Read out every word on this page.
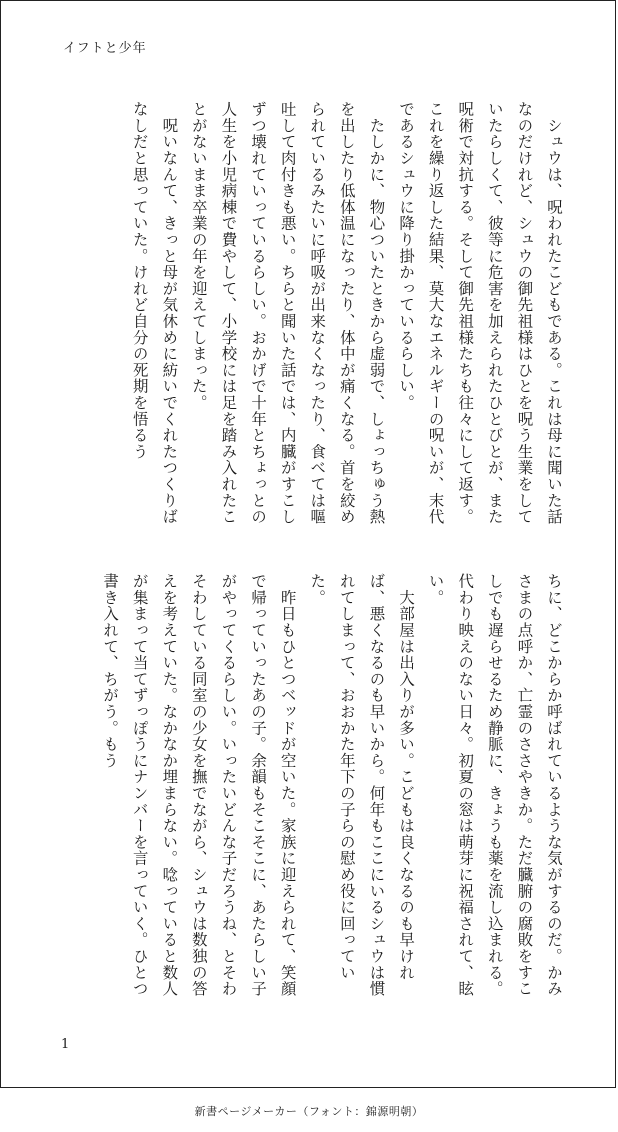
イフトと少年
　シュウは、呪われたこどもである。これは母に聞いた話なのだけれど、シュウの御先祖様はひとを呪う生業をしていたらしくて、彼等に危害を加えられたひとびとが、また呪術で対抗する。そして御先祖様たちも往々にして返す。これを繰り返した結果、莫大なエネルギーの呪いが、末代であるシュウに降り掛かっているらしい。
　たしかに、物心ついたときから虚弱で、しょっちゅう熱を出したり低体温になったり、体中が痛くなる。首を絞められているみたいに呼吸が出来なくなったり、食べては嘔吐して肉付きも悪い。ちらと聞いた話では、内臓がすこしずつ壊れていっているらしい。おかげで十年とちょっとの人生を小児病棟で費やして、小学校には足を踏み入れたことがないまま卒業の年を迎えてしまった。
　呪いなんて、きっと母が気休めに紡いでくれたつくりばなしだと思っていた。けれど自分の死期を悟るう
ちに、どこからか呼ばれているような気がするのだ。かみさまの点呼か、亡霊のささやきか。ただ臓腑の腐敗をすこしでも遅らせるため静脈に、きょうも薬を流し込まれる。代わり映えのない日々。初夏の窓は萌芽に祝福されて、眩い。
　大部屋は出入りが多い。こどもは良くなるのも早ければ、悪くなるのも早いから。何年もここにいるシュウは慣れてしまって、おおかた年下の子らの慰め役に回っていた。
　昨日もひとつベッドが空いた。家族に迎えられて、笑顔で帰っていったあの子。余韻もそこそこに、あたらしい子がやってくるらしい。いったいどんな子だろうね、とそわそわしている同室の少女を撫でながら、シュウは数独の答えを考えていた。なかなか埋まらない。唸っていると数人が集まって当てずっぽうにナンバーを言っていく。ひとつ書き入れて、ちがう。もう
1
新書ページメーカー（フォント：錦源明朝）
